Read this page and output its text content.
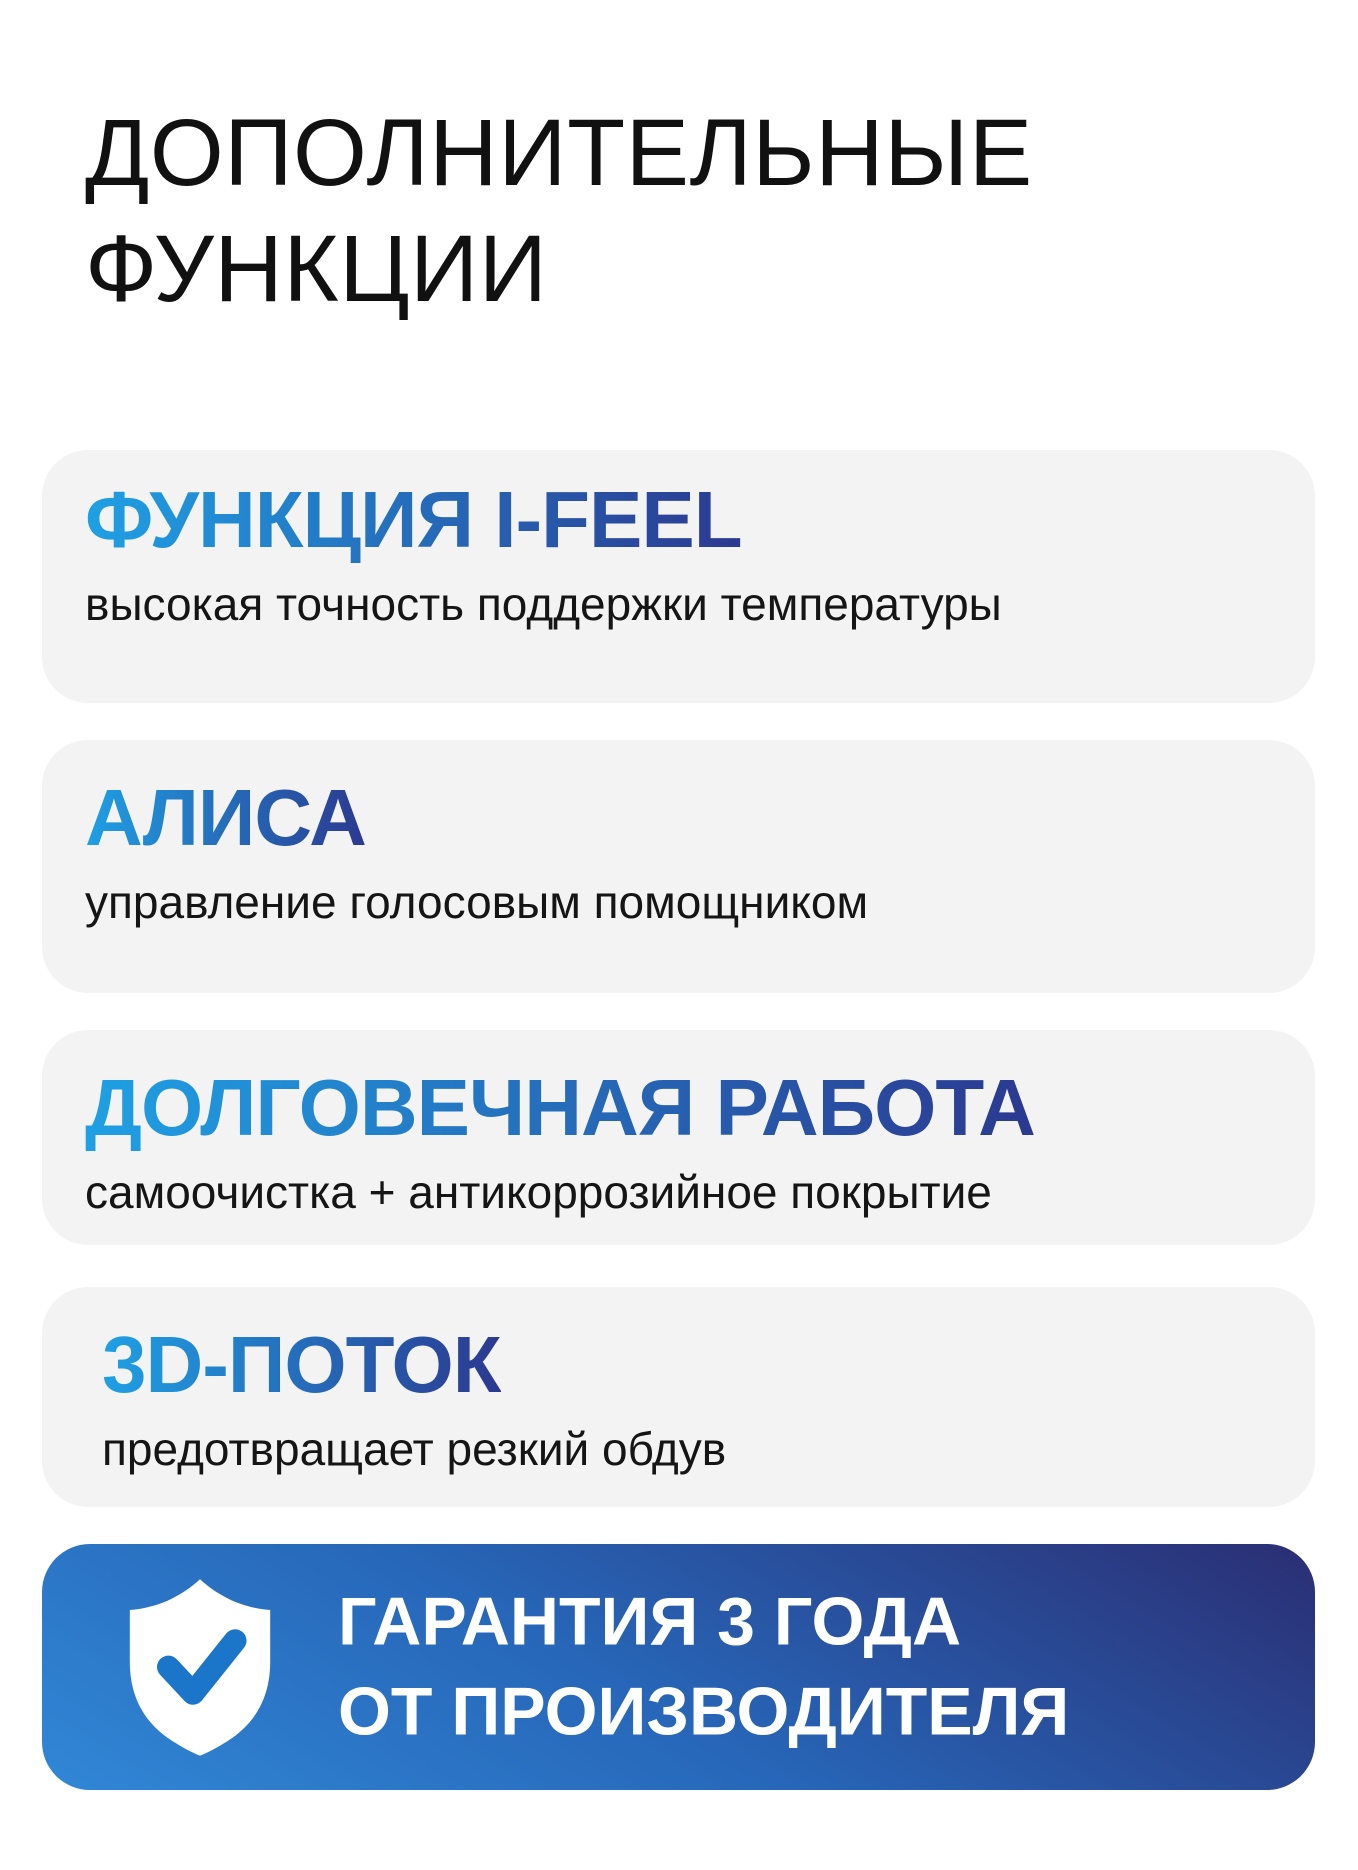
ДОПОЛНИТЕЛЬНЫЕ
ФУНКЦИИ
ФУНКЦИЯ I-FEEL

высокая точность поддержки температуры

АЛИСА

управление голосовым помощником

ДОЛГОВЕЧНАЯ РАБОТА

самоочистка + антикоррозийное покрытие

3D-ПОТОК

предотвращает резкий обдув

ГАРАНТИЯ 3 ГОДА
ОТ ПРОИЗВОДИТЕЛЯ
